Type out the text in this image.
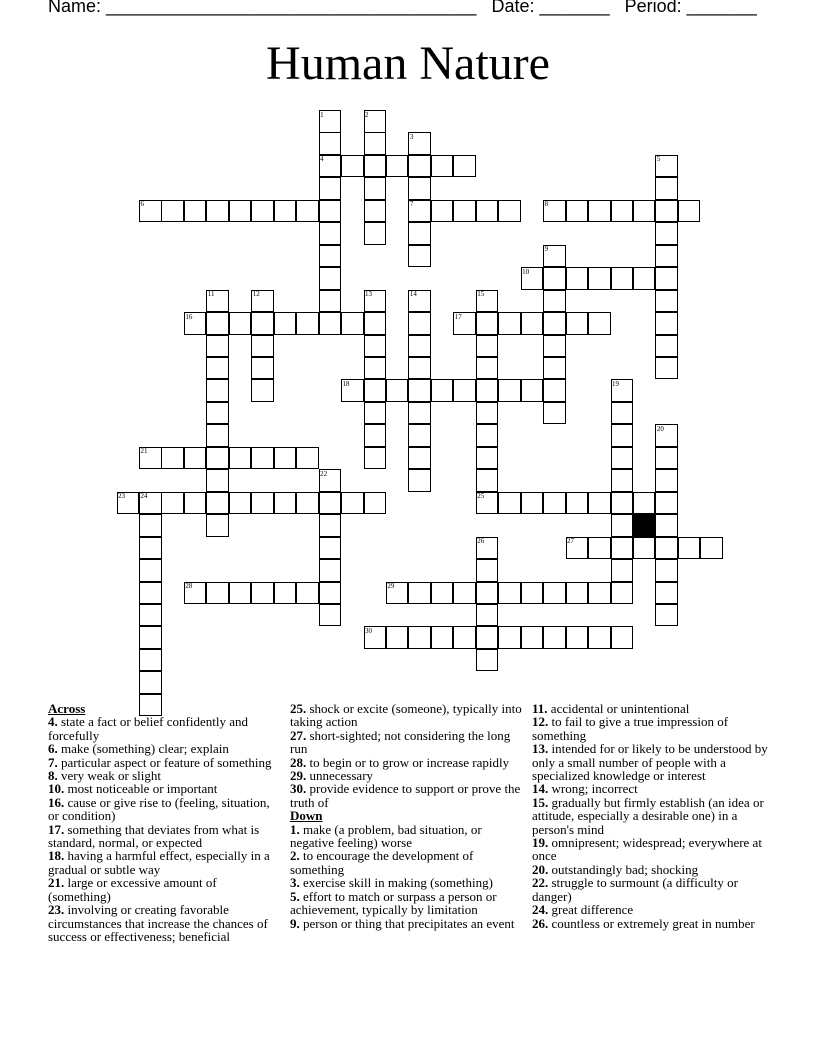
Name: _____________________________________ Date: _______ Period: _______
Human Nature
1	2
3
4	5
6	7	8
9
10
11	12	13	14	15
16	17
18	19
20
21
22
23 24	25
26	27
28	29
30
Across
4. state a fact or belief confidently and forcefully
6. make (something) clear; explain
7. particular aspect or feature of something
8. very weak or slight
10. most noticeable or important
16. cause or give rise to (feeling, situation, or condition)
17. something that deviates from what is standard, normal, or expected
18. having a harmful effect, especially in a gradual or subtle way
21. large or excessive amount of (something)
23. involving or creating favorable circumstances that increase the chances of success or effectiveness; beneficial
25. shock or excite (someone), typically into taking action
27. short-sighted; not considering the long run
28. to begin or to grow or increase rapidly
29. unnecessary
30. provide evidence to support or prove the truth of
Down
1. make (a problem, bad situation, or negative feeling) worse
2. to encourage the development of something
3. exercise skill in making (something)
5. effort to match or surpass a person or achievement, typically by limitation
9. person or thing that precipitates an event
11. accidental or unintentional
12. to fail to give a true impression of something
13. intended for or likely to be understood by only a small number of people with a specialized knowledge or interest
14. wrong; incorrect
15. gradually but firmly establish (an idea or attitude, especially a desirable one) in a person's mind
19. omnipresent; widespread; everywhere at once
20. outstandingly bad; shocking
22. struggle to surmount (a difficulty or danger)
24. great difference
26. countless or extremely great in number
